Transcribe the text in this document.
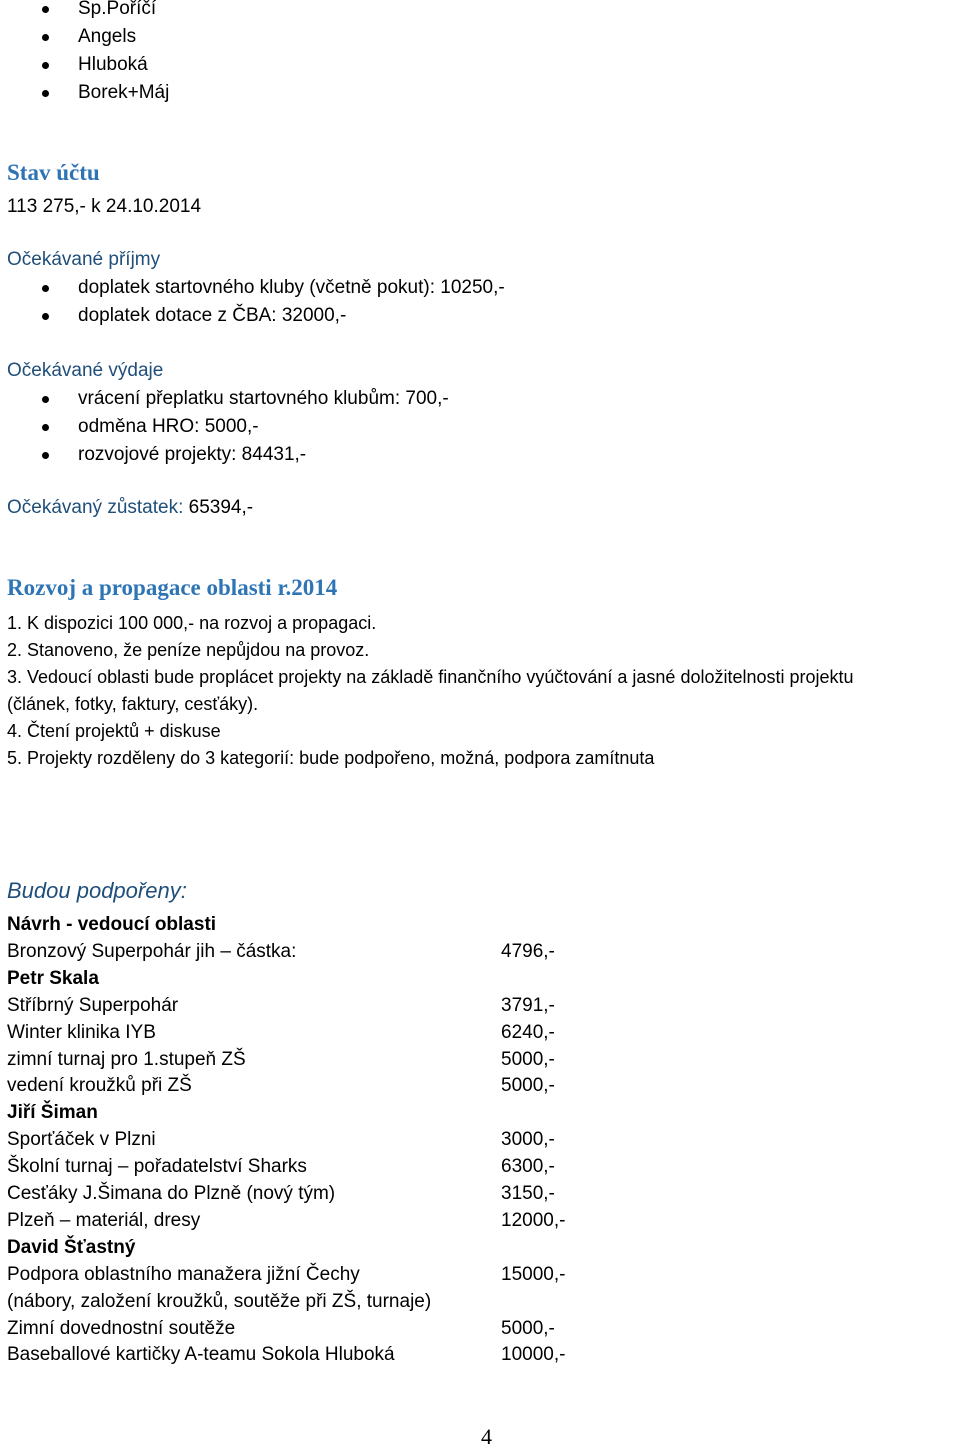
Sp.Poříčí
Angels
Hluboká
Borek+Máj
Stav účtu
113 275,- k 24.10.2014
Očekávané příjmy
doplatek startovného kluby (včetně pokut): 10250,-
doplatek dotace z ČBA: 32000,-
Očekávané výdaje
vrácení přeplatku startovného klubům: 700,-
odměna HRO: 5000,-
rozvojové projekty: 84431,-
Očekávaný zůstatek: 65394,-
Rozvoj a propagace oblasti r.2014
1. K dispozici 100 000,- na rozvoj a propagaci.
2. Stanoveno, že peníze nepůjdou na provoz.
3. Vedoucí oblasti bude proplácet projekty na základě finančního vyúčtování a jasné doložitelnosti projektu
(článek, fotky, faktury, cesťáky).
4. Čtení projektů + diskuse
5. Projekty rozděleny do 3 kategorií: bude podpořeno, možná, podpora zamítnuta
Budou podpořeny:
Návrh - vedoucí oblasti
Bronzový Superpohár jih – částka:	4796,-
Petr Skala
Stříbrný Superpohár	3791,-
Winter klinika IYB	6240,-
zimní turnaj pro 1.stupeň ZŠ	5000,-
vedení kroužků při ZŠ	5000,-
Jiří Šiman
Sporťáček v Plzni	3000,-
Školní turnaj – pořadatelství Sharks	6300,-
Cesťáky J.Šimana do Plzně (nový tým)	3150,-
Plzeň – materiál, dresy	12000,-
David Šťastný
Podpora oblastního manažera jižní Čechy	15000,-
(nábory, založení kroužků, soutěže při ZŠ, turnaje)
Zimní dovednostní soutěže	5000,-
Baseballové kartičky A-teamu Sokola Hluboká	10000,-
4
